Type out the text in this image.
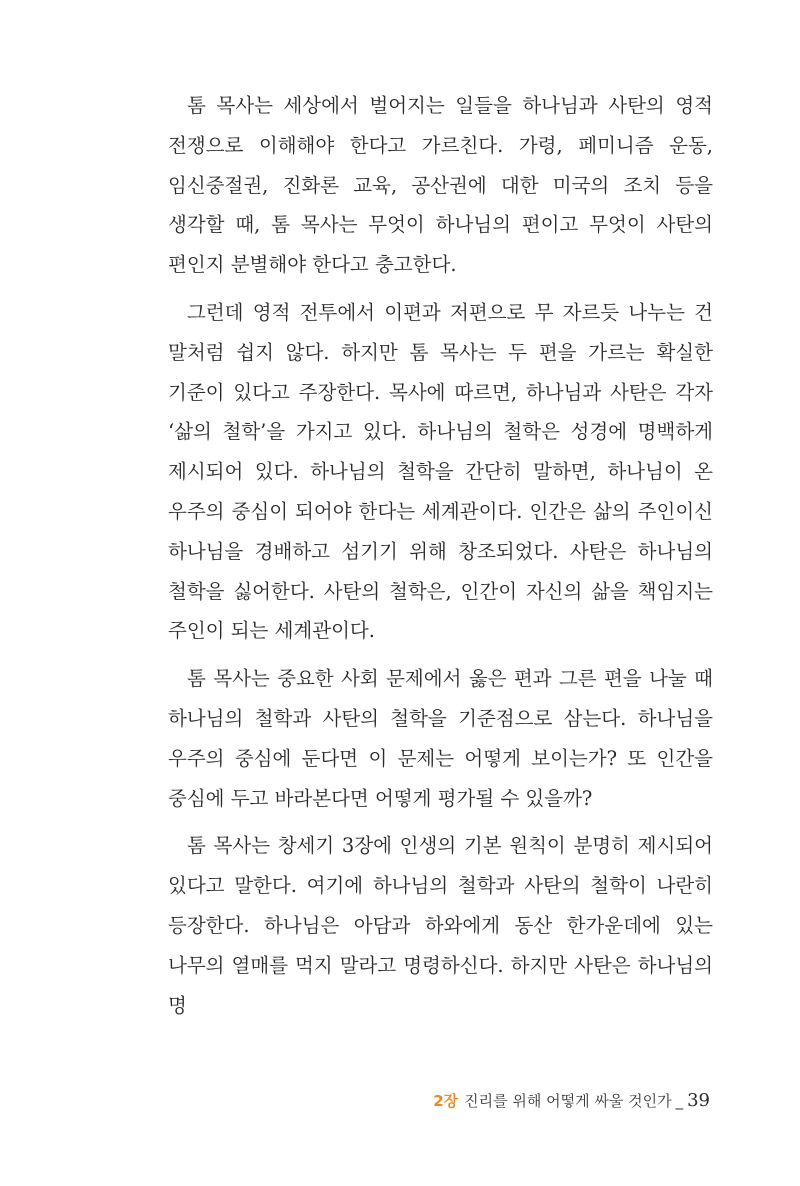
톰 목사는 세상에서 벌어지는 일들을 하나님과 사탄의 영적 전쟁으로 이해해야 한다고 가르친다. 가령, 페미니즘 운동, 임신중절권, 진화론 교육, 공산권에 대한 미국의 조치 등을 생각할 때, 톰 목사는 무엇이 하나님의 편이고 무엇이 사탄의 편인지 분별해야 한다고 충고한다.

그런데 영적 전투에서 이편과 저편으로 무 자르듯 나누는 건 말처럼 쉽지 않다. 하지만 톰 목사는 두 편을 가르는 확실한 기준이 있다고 주장한다. 목사에 따르면, 하나님과 사탄은 각자 ‘삶의 철학’을 가지고 있다. 하나님의 철학은 성경에 명백하게 제시되어 있다. 하나님의 철학을 간단히 말하면, 하나님이 온 우주의 중심이 되어야 한다는 세계관이다. 인간은 삶의 주인이신 하나님을 경배하고 섬기기 위해 창조되었다. 사탄은 하나님의 철학을 싫어한다. 사탄의 철학은, 인간이 자신의 삶을 책임지는 주인이 되는 세계관이다.

톰 목사는 중요한 사회 문제에서 옳은 편과 그른 편을 나눌 때 하나님의 철학과 사탄의 철학을 기준점으로 삼는다. 하나님을 우주의 중심에 둔다면 이 문제는 어떻게 보이는가? 또 인간을 중심에 두고 바라본다면 어떻게 평가될 수 있을까?

톰 목사는 창세기 3장에 인생의 기본 원칙이 분명히 제시되어 있다고 말한다. 여기에 하나님의 철학과 사탄의 철학이 나란히 등장한다. 하나님은 아담과 하와에게 동산 한가운데에 있는 나무의 열매를 먹지 말라고 명령하신다. 하지만 사탄은 하나님의 명

2장 진리를 위해 어떻게 싸울 것인가 _ 39
